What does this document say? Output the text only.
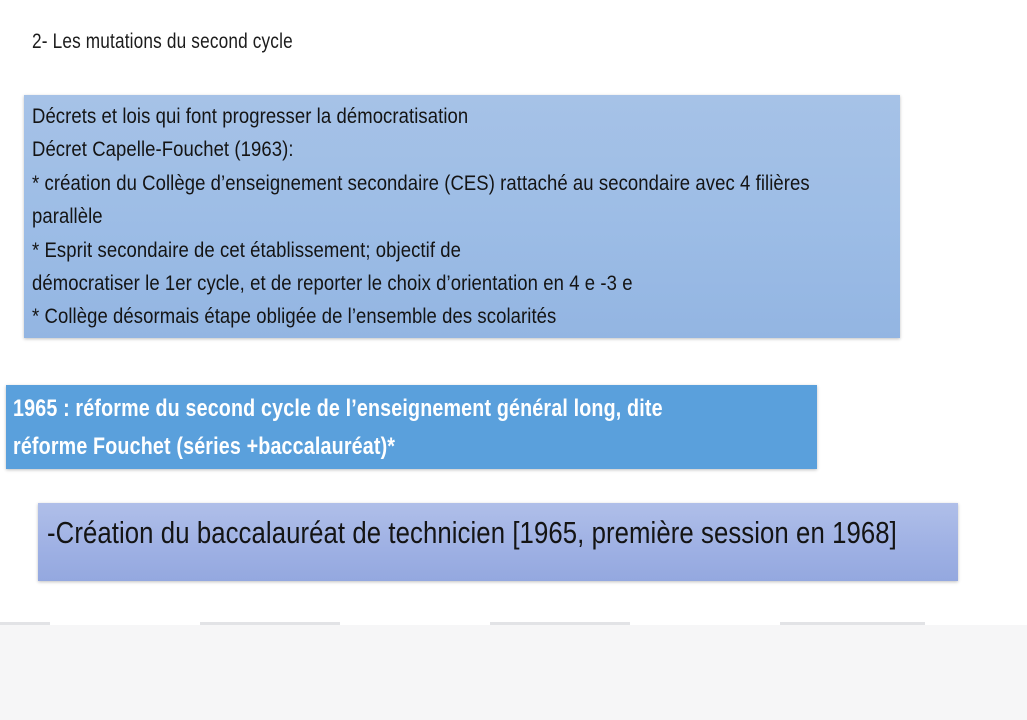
2- Les mutations du second cycle
Décrets et lois qui font progresser la démocratisation
Décret Capelle-Fouchet (1963):
* création du Collège d’enseignement secondaire (CES) rattaché au secondaire avec 4 filières
parallèle
* Esprit secondaire de cet établissement; objectif de
démocratiser le 1er cycle, et de reporter le choix d’orientation en 4 e -3 e
* Collège désormais étape obligée de l’ensemble des scolarités
1965 : réforme du second cycle de l’enseignement général long, dite
réforme Fouchet (séries +baccalauréat)*
-Création du baccalauréat de technicien [1965, première session en 1968]
